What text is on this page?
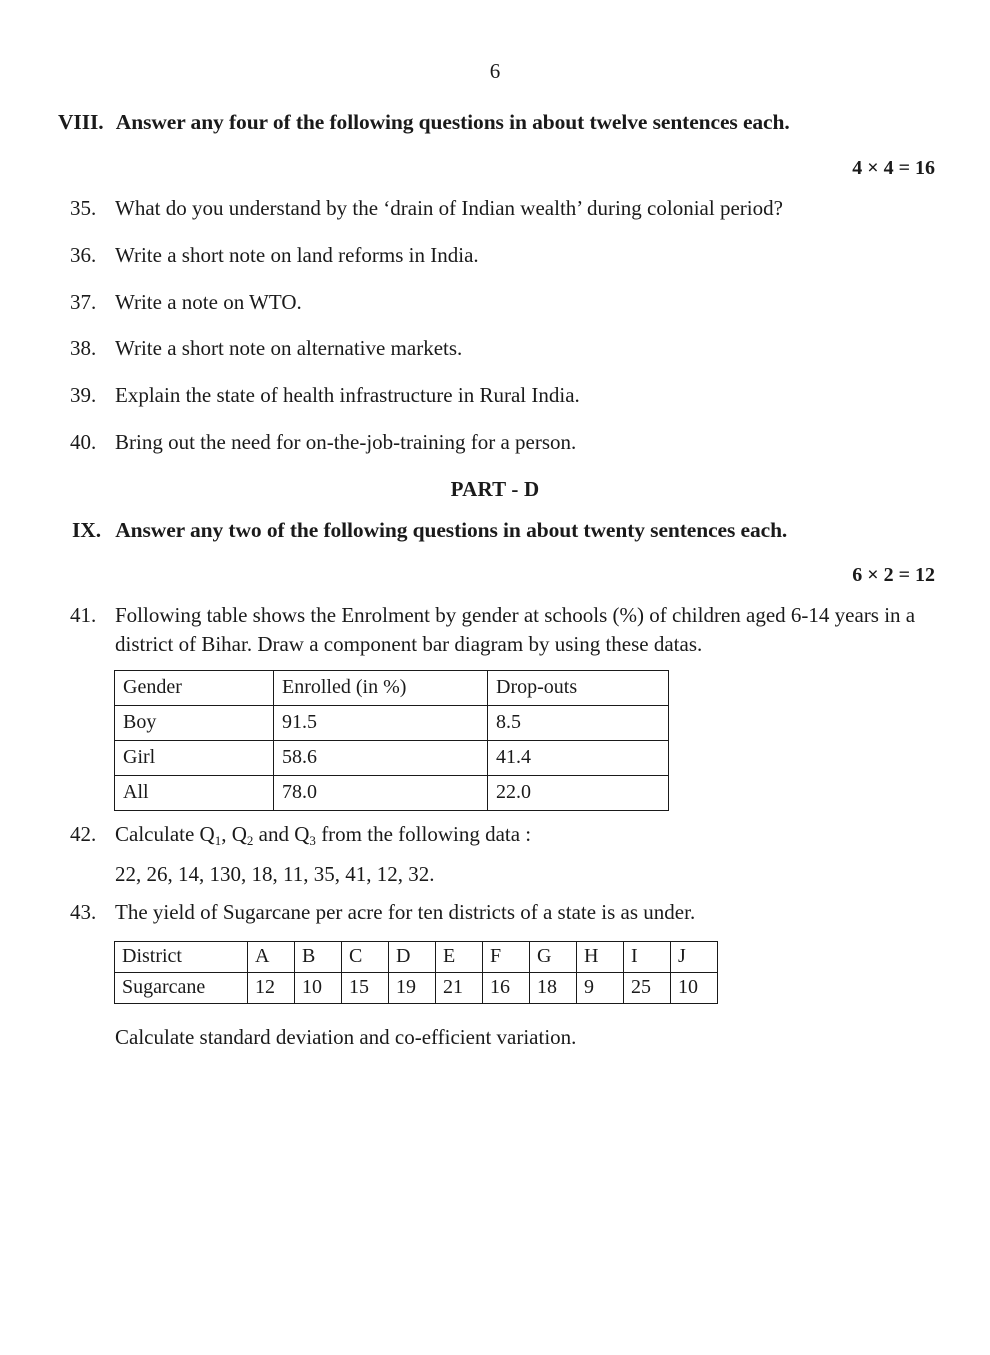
6
VIII. Answer any four of the following questions in about twelve sentences each.
4 × 4 = 16
35. What do you understand by the ‘drain of Indian wealth’ during colonial period?
36. Write a short note on land reforms in India.
37. Write a note on WTO.
38. Write a short note on alternative markets.
39. Explain the state of health infrastructure in Rural India.
40. Bring out the need for on-the-job-training for a person.
PART - D
IX. Answer any two of the following questions in about twenty sentences each.
6 × 2 = 12
41. Following table shows the Enrolment by gender at schools (%) of children aged 6-14 years in a district of Bihar. Draw a component bar diagram by using these datas.
Gender	Enrolled (in %)	Drop-outs
Boy	91.5	8.5
Girl	58.6	41.4
All	78.0	22.0
42. Calculate $Q_1$, $Q_2$ and $Q_3$ from the following data :
22, 26, 14, 130, 18, 11, 35, 41, 12, 32.
43. The yield of Sugarcane per acre for ten districts of a state is as under.
District	A	B	C	D	E	F	G	H	I	J
Sugarcane	12	10	15	19	21	16	18	9	25	10
Calculate standard deviation and co-efficient variation.
